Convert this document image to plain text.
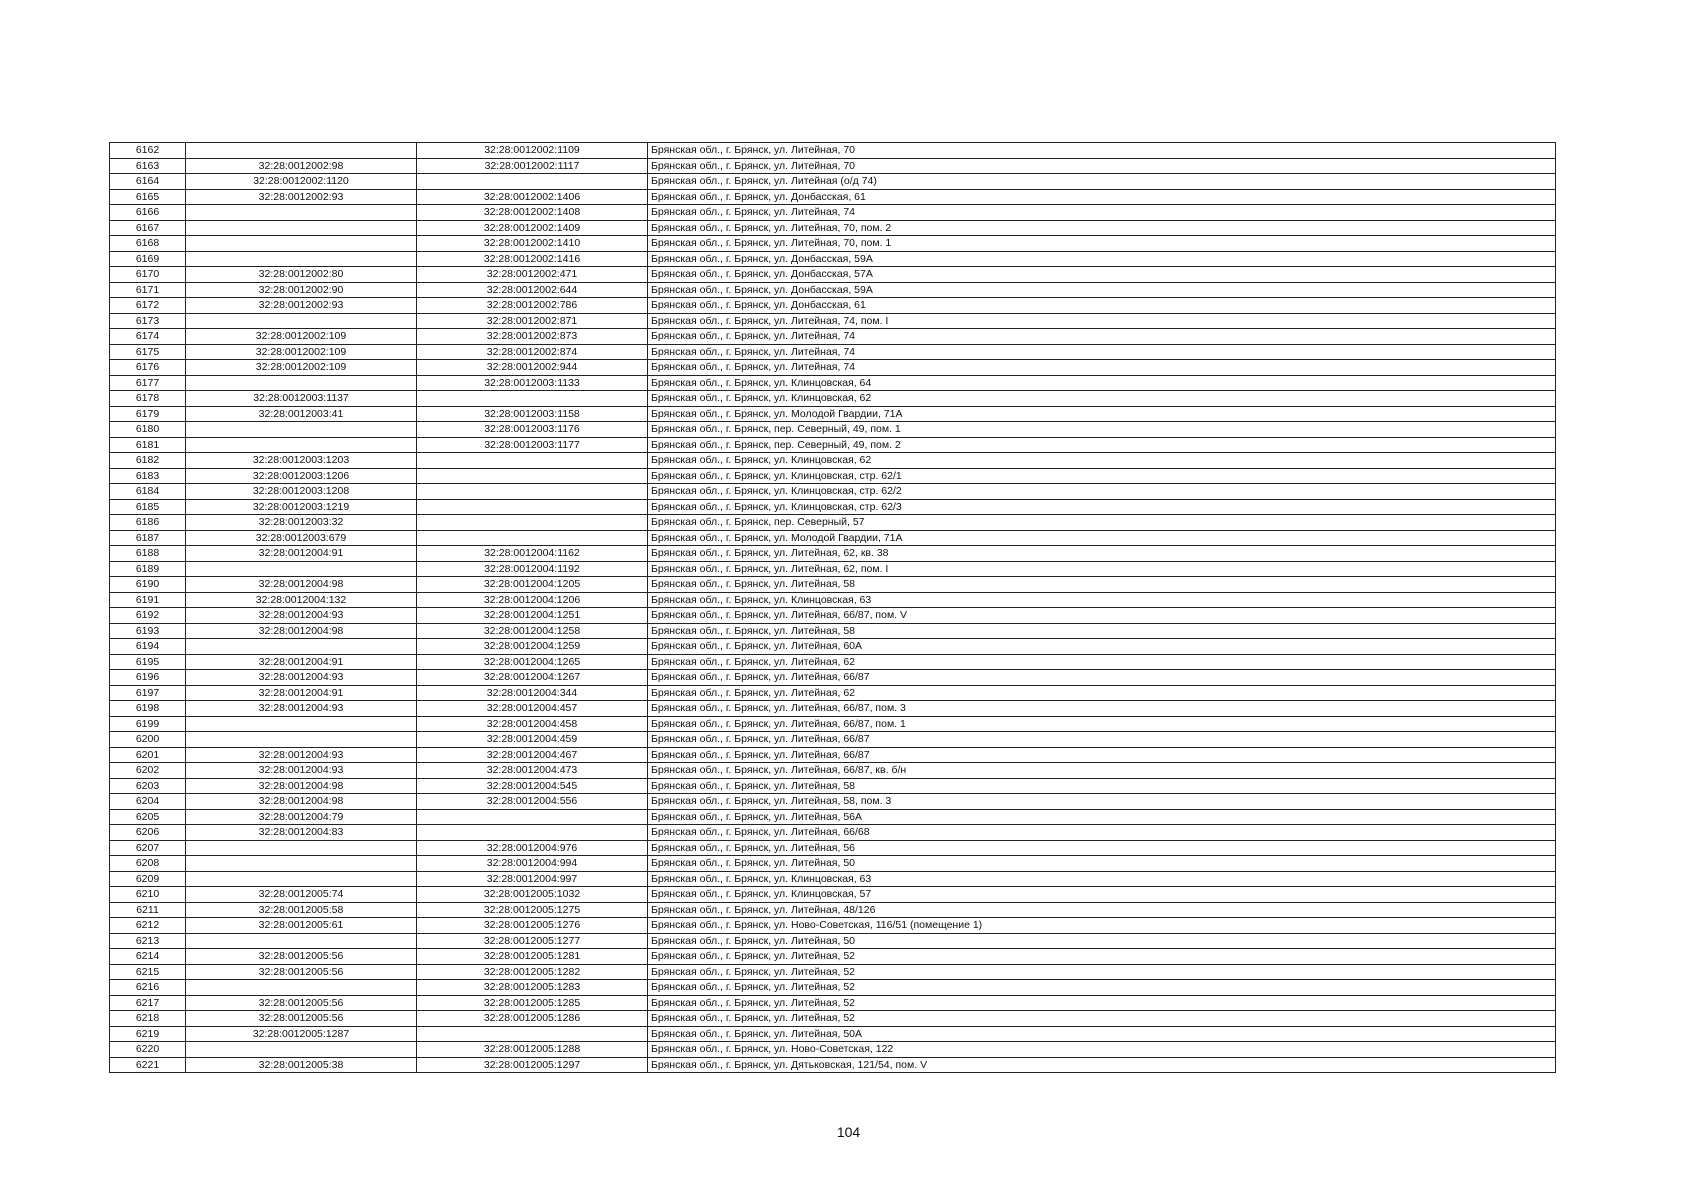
6162		32:28:0012002:1109	Брянская обл., г. Брянск, ул. Литейная, 70
6163	32:28:0012002:98	32:28:0012002:1117	Брянская обл., г. Брянск, ул. Литейная, 70
6164	32:28:0012002:1120		Брянская обл., г. Брянск, ул. Литейная (о/д 74)
6165	32:28:0012002:93	32:28:0012002:1406	Брянская обл., г. Брянск, ул. Донбасская, 61
6166		32:28:0012002:1408	Брянская обл., г. Брянск, ул. Литейная, 74
6167		32:28:0012002:1409	Брянская обл., г. Брянск, ул. Литейная, 70, пом. 2
6168		32:28:0012002:1410	Брянская обл., г. Брянск, ул. Литейная, 70, пом. 1
6169		32:28:0012002:1416	Брянская обл., г. Брянск, ул. Донбасская, 59А
6170	32:28:0012002:80	32:28:0012002:471	Брянская обл., г. Брянск, ул. Донбасская, 57А
6171	32:28:0012002:90	32:28:0012002:644	Брянская обл., г. Брянск, ул. Донбасская, 59А
6172	32:28:0012002:93	32:28:0012002:786	Брянская обл., г. Брянск, ул. Донбасская, 61
6173		32:28:0012002:871	Брянская обл., г. Брянск, ул. Литейная, 74, пом. I
6174	32:28:0012002:109	32:28:0012002:873	Брянская обл., г. Брянск, ул. Литейная, 74
6175	32:28:0012002:109	32:28:0012002:874	Брянская обл., г. Брянск, ул. Литейная, 74
6176	32:28:0012002:109	32:28:0012002:944	Брянская обл., г. Брянск, ул. Литейная, 74
6177		32:28:0012003:1133	Брянская обл., г. Брянск, ул. Клинцовская, 64
6178	32:28:0012003:1137		Брянская обл., г. Брянск, ул. Клинцовская, 62
6179	32:28:0012003:41	32:28:0012003:1158	Брянская обл., г. Брянск, ул. Молодой Гвардии, 71А
6180		32:28:0012003:1176	Брянская обл., г. Брянск, пер. Северный, 49, пом. 1
6181		32:28:0012003:1177	Брянская обл., г. Брянск, пер. Северный, 49, пом. 2
6182	32:28:0012003:1203		Брянская обл., г. Брянск, ул. Клинцовская, 62
6183	32:28:0012003:1206		Брянская обл., г. Брянск, ул. Клинцовская, стр. 62/1
6184	32:28:0012003:1208		Брянская обл., г. Брянск, ул. Клинцовская, стр. 62/2
6185	32:28:0012003:1219		Брянская обл., г. Брянск, ул. Клинцовская, стр. 62/3
6186	32:28:0012003:32		Брянская обл., г. Брянск, пер. Северный, 57
6187	32:28:0012003:679		Брянская обл., г. Брянск, ул. Молодой Гвардии, 71А
6188	32:28:0012004:91	32:28:0012004:1162	Брянская обл., г. Брянск, ул. Литейная, 62, кв. 38
6189		32:28:0012004:1192	Брянская обл., г. Брянск, ул. Литейная, 62, пом. I
6190	32:28:0012004:98	32:28:0012004:1205	Брянская обл., г. Брянск, ул. Литейная, 58
6191	32:28:0012004:132	32:28:0012004:1206	Брянская обл., г. Брянск, ул. Клинцовская, 63
6192	32:28:0012004:93	32:28:0012004:1251	Брянская обл., г. Брянск, ул. Литейная, 66/87, пом. V
6193	32:28:0012004:98	32:28:0012004:1258	Брянская обл., г. Брянск, ул. Литейная, 58
6194		32:28:0012004:1259	Брянская обл., г. Брянск, ул. Литейная, 60А
6195	32:28:0012004:91	32:28:0012004:1265	Брянская обл., г. Брянск, ул. Литейная, 62
6196	32:28:0012004:93	32:28:0012004:1267	Брянская обл., г. Брянск, ул. Литейная, 66/87
6197	32:28:0012004:91	32:28:0012004:344	Брянская обл., г. Брянск, ул. Литейная, 62
6198	32:28:0012004:93	32:28:0012004:457	Брянская обл., г. Брянск, ул. Литейная, 66/87, пом. 3
6199		32:28:0012004:458	Брянская обл., г. Брянск, ул. Литейная, 66/87, пом. 1
6200		32:28:0012004:459	Брянская обл., г. Брянск, ул. Литейная, 66/87
6201	32:28:0012004:93	32:28:0012004:467	Брянская обл., г. Брянск, ул. Литейная, 66/87
6202	32:28:0012004:93	32:28:0012004:473	Брянская обл., г. Брянск, ул. Литейная, 66/87, кв. б/н
6203	32:28:0012004:98	32:28:0012004:545	Брянская обл., г. Брянск, ул. Литейная, 58
6204	32:28:0012004:98	32:28:0012004:556	Брянская обл., г. Брянск, ул. Литейная, 58, пом. 3
6205	32:28:0012004:79		Брянская обл., г. Брянск, ул. Литейная, 56А
6206	32:28:0012004:83		Брянская обл., г. Брянск, ул. Литейная, 66/68
6207		32:28:0012004:976	Брянская обл., г. Брянск, ул. Литейная, 56
6208		32:28:0012004:994	Брянская обл., г. Брянск, ул. Литейная, 50
6209		32:28:0012004:997	Брянская обл., г. Брянск, ул. Клинцовская, 63
6210	32:28:0012005:74	32:28:0012005:1032	Брянская обл., г. Брянск, ул. Клинцовская, 57
6211	32:28:0012005:58	32:28:0012005:1275	Брянская обл., г. Брянск, ул. Литейная, 48/126
6212	32:28:0012005:61	32:28:0012005:1276	Брянская обл., г. Брянск, ул. Ново-Советская, 116/51 (помещение 1)
6213		32:28:0012005:1277	Брянская обл., г. Брянск, ул. Литейная, 50
6214	32:28:0012005:56	32:28:0012005:1281	Брянская обл., г. Брянск, ул. Литейная, 52
6215	32:28:0012005:56	32:28:0012005:1282	Брянская обл., г. Брянск, ул. Литейная, 52
6216		32:28:0012005:1283	Брянская обл., г. Брянск, ул. Литейная, 52
6217	32:28:0012005:56	32:28:0012005:1285	Брянская обл., г. Брянск, ул. Литейная, 52
6218	32:28:0012005:56	32:28:0012005:1286	Брянская обл., г. Брянск, ул. Литейная, 52
6219	32:28:0012005:1287		Брянская обл., г. Брянск, ул. Литейная, 50А
6220		32:28:0012005:1288	Брянская обл., г. Брянск, ул. Ново-Советская, 122
6221	32:28:0012005:38	32:28:0012005:1297	Брянская обл., г. Брянск, ул. Дятьковская, 121/54, пом. V
104
